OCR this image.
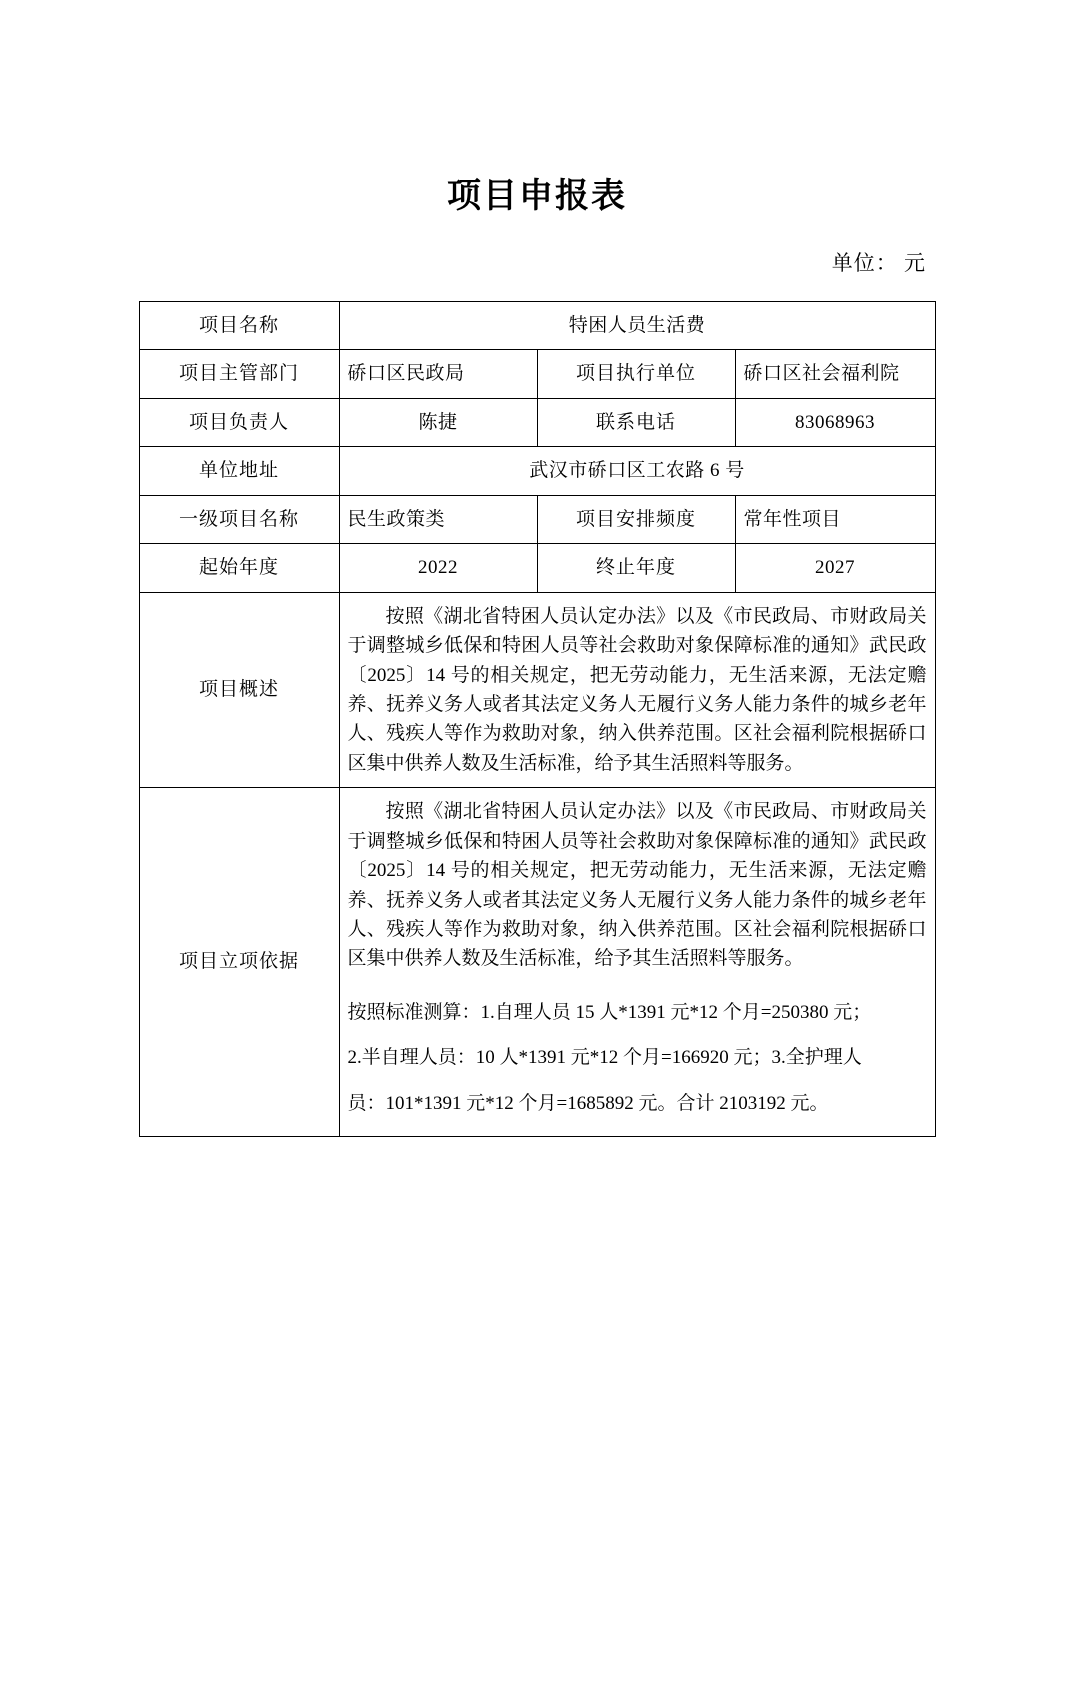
项目申报表
单位： 元
项目名称	特困人员生活费		
项目主管部门	硚口区民政局	项目执行单位	硚口区社会福利院
项目负责人	陈捷	联系电话	83068963
单位地址	武汉市硚口区工农路 6 号		
一级项目名称	民生政策类	项目安排频度	常年性项目
起始年度	2022	终止年度	2027
项目概述	按照《湖北省特困人员认定办法》以及《市民政局、市财政局关于调整城乡低保和特困人员等社会救助对象保障标准的通知》武民政〔2025〕14 号的相关规定，把无劳动能力，无生活来源，无法定赡养、抚养义务人或者其法定义务人无履行义务人能力条件的城乡老年人、残疾人等作为救助对象，纳入供养范围。区社会福利院根据硚口区集中供养人数及生活标准，给予其生活照料等服务。		

项目立项依据	按照《湖北省特困人员认定办法》以及《市民政局、市财政局关于调整城乡低保和特困人员等社会救助对象保障标准的通知》武民政〔2025〕14 号的相关规定，把无劳动能力，无生活来源，无法定赡养、抚养义务人或者其法定义务人无履行义务人能力条件的城乡老年人、残疾人等作为救助对象，纳入供养范围。区社会福利院根据硚口区集中供养人数及生活标准，给予其生活照料等服务。

按照标准测算：1.自理人员 15 人*1391 元*12 个月=250380 元；

2.半自理人员：10 人*1391 元*12 个月=166920 元；3.全护理人

员：101*1391 元*12 个月=1685892 元。合计 2103192 元。		
